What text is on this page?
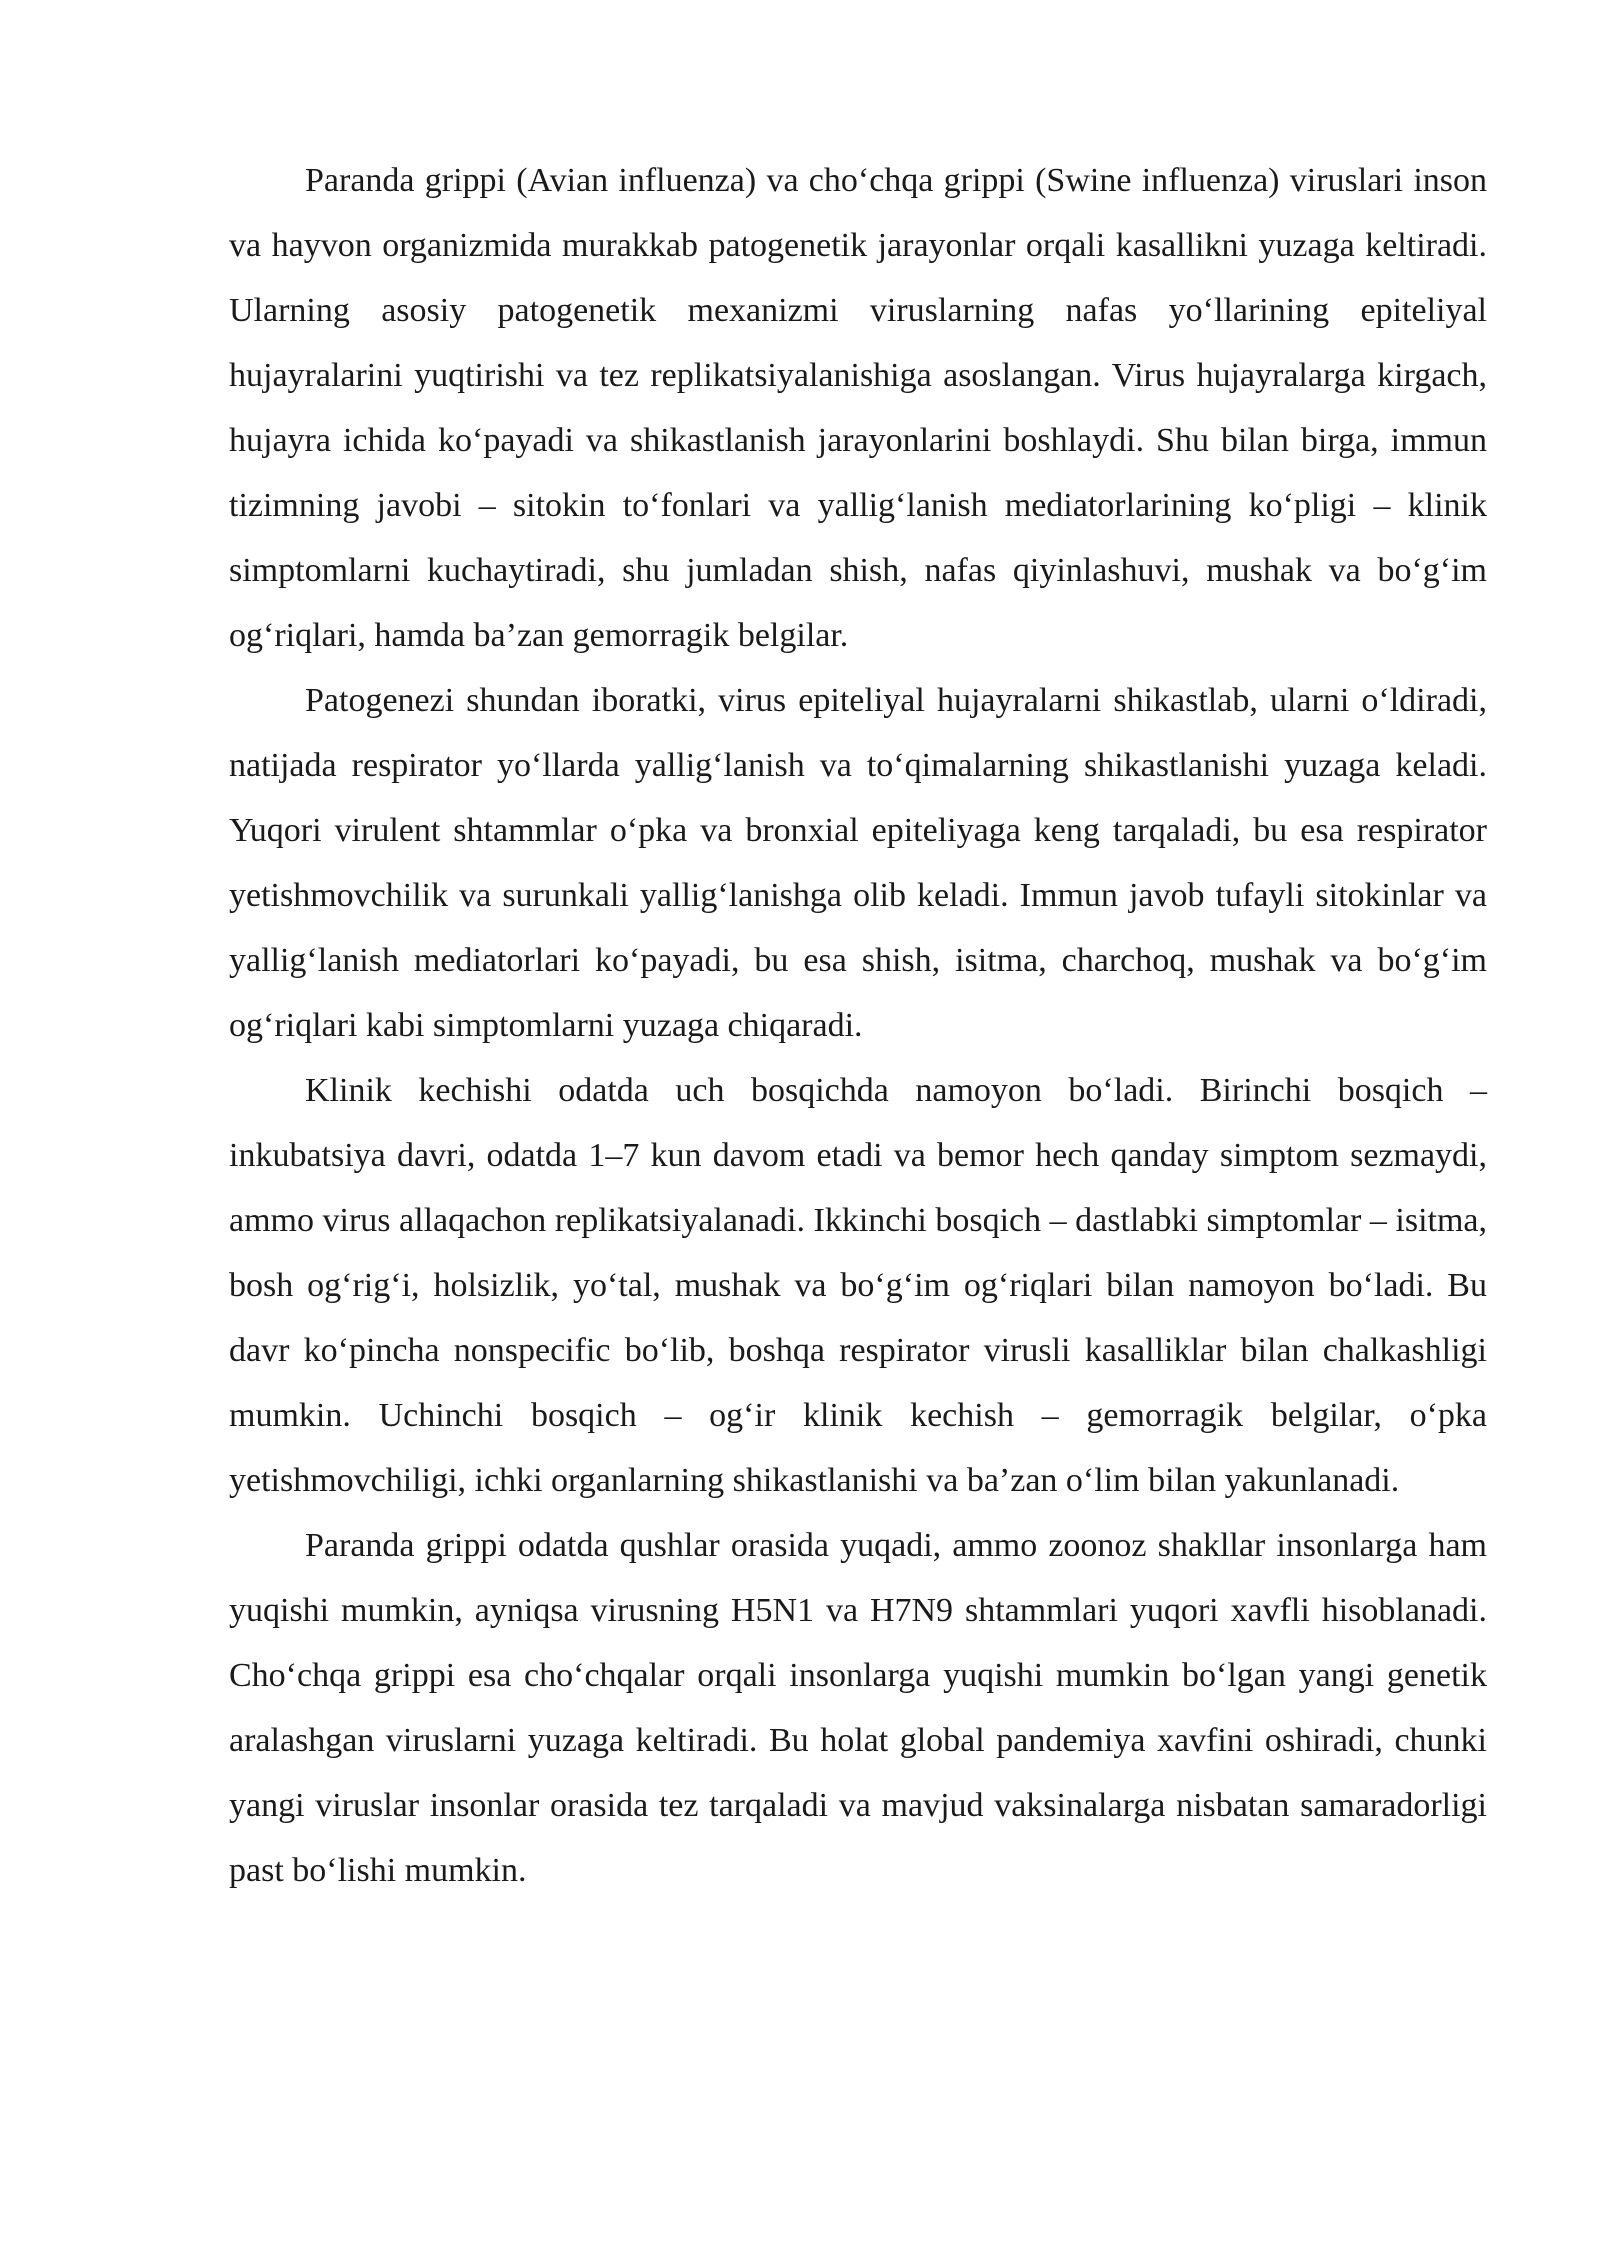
Paranda grippi (Avian influenza) va cho‘chqa grippi (Swine influenza) viruslari inson va hayvon organizmida murakkab patogenetik jarayonlar orqali kasallikni yuzaga keltiradi. Ularning asosiy patogenetik mexanizmi viruslarning nafas yo‘llarining epiteliyal hujayralarini yuqtirishi va tez replikatsiyalanishiga asoslangan. Virus hujayralarga kirgach, hujayra ichida ko‘payadi va shikastlanish jarayonlarini boshlaydi. Shu bilan birga, immun tizimning javobi – sitokin to‘fonlari va yallig‘lanish mediatorlarining ko‘pligi – klinik simptomlarni kuchaytiradi, shu jumladan shish, nafas qiyinlashuvi, mushak va bo‘g‘im og‘riqlari, hamda ba’zan gemorragik belgilar.

Patogenezi shundan iboratki, virus epiteliyal hujayralarni shikastlab, ularni o‘ldiradi, natijada respirator yo‘llarda yallig‘lanish va to‘qimalarning shikastlanishi yuzaga keladi. Yuqori virulent shtammlar o‘pka va bronxial epiteliyaga keng tarqaladi, bu esa respirator yetishmovchilik va surunkali yallig‘lanishga olib keladi. Immun javob tufayli sitokinlar va yallig‘lanish mediatorlari ko‘payadi, bu esa shish, isitma, charchoq, mushak va bo‘g‘im og‘riqlari kabi simptomlarni yuzaga chiqaradi.

Klinik kechishi odatda uch bosqichda namoyon bo‘ladi. Birinchi bosqich – inkubatsiya davri, odatda 1–7 kun davom etadi va bemor hech qanday simptom sezmaydi, ammo virus allaqachon replikatsiyalanadi. Ikkinchi bosqich – dastlabki simptomlar – isitma, bosh og‘rig‘i, holsizlik, yo‘tal, mushak va bo‘g‘im og‘riqlari bilan namoyon bo‘ladi. Bu davr ko‘pincha nonspecific bo‘lib, boshqa respirator virusli kasalliklar bilan chalkashligi mumkin. Uchinchi bosqich – og‘ir klinik kechish – gemorragik belgilar, o‘pka yetishmovchiligi, ichki organlarning shikastlanishi va ba’zan o‘lim bilan yakunlanadi.

Paranda grippi odatda qushlar orasida yuqadi, ammo zoonoz shakllar insonlarga ham yuqishi mumkin, ayniqsa virusning H5N1 va H7N9 shtammlari yuqori xavfli hisoblanadi. Cho‘chqa grippi esa cho‘chqalar orqali insonlarga yuqishi mumkin bo‘lgan yangi genetik aralashgan viruslarni yuzaga keltiradi. Bu holat global pandemiya xavfini oshiradi, chunki yangi viruslar insonlar orasida tez tarqaladi va mavjud vaksinalarga nisbatan samaradorligi past bo‘lishi mumkin.
